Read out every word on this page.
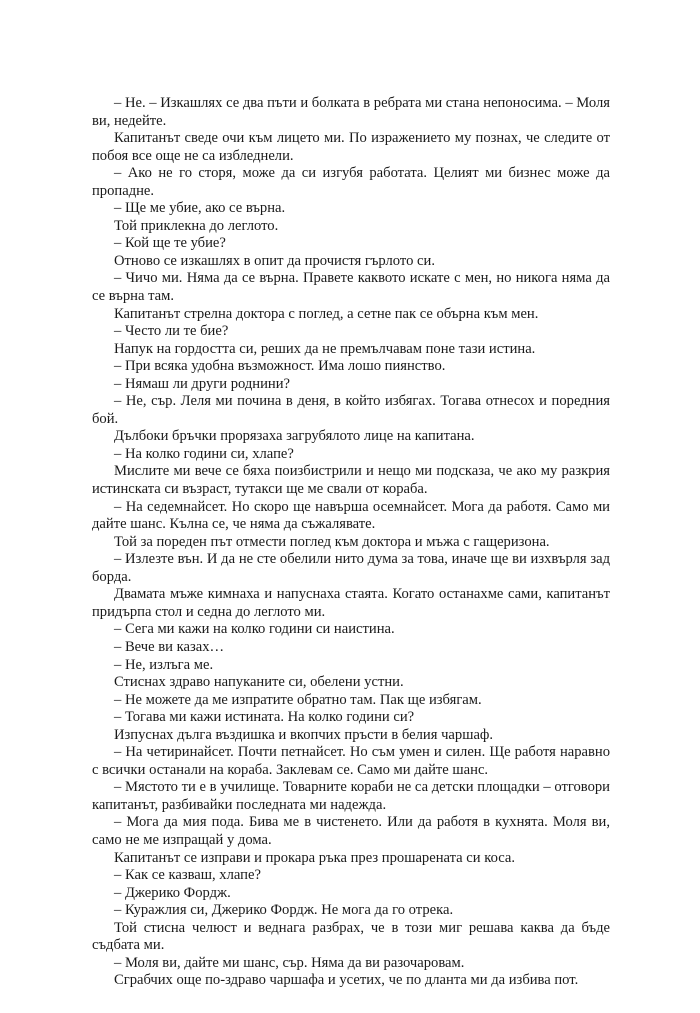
– Не. – Изкашлях се два пъти и болката в ребрата ми стана непоносима. – Моля ви, недейте.

Капитанът сведе очи към лицето ми. По изражението му познах, че следите от побоя все още не са избледнели.

– Ако не го сторя, може да си изгубя работата. Целият ми бизнес може да пропадне.

– Ще ме убие, ако се върна.

Той приклекна до леглото.

– Кой ще те убие?

Отново се изкашлях в опит да прочистя гърлото си.

– Чичо ми. Няма да се върна. Правете каквото искате с мен, но никога няма да се върна там.

Капитанът стрелна доктора с поглед, а сетне пак се обърна към мен.

– Често ли те бие?

Напук на гордостта си, реших да не премълчавам поне тази истина.

– При всяка удобна възможност. Има лошо пиянство.

– Нямаш ли други роднини?

– Не, сър. Леля ми почина в деня, в който избягах. Тогава отнесох и поредния бой.

Дълбоки бръчки прорязаха загрубялото лице на капитана.

– На колко години си, хлапе?

Мислите ми вече се бяха поизбистрили и нещо ми подсказа, че ако му разкрия истинската си възраст, тутакси ще ме свали от кораба.

– На седемнайсет. Но скоро ще навърша осемнайсет. Мога да работя. Само ми дайте шанс. Кълна се, че няма да съжалявате.

Той за пореден път отмести поглед към доктора и мъжа с гащеризона.

– Излезте вън. И да не сте обелили нито дума за това, иначе ще ви изхвърля зад борда.

Двамата мъже кимнаха и напуснаха стаята. Когато останахме сами, капитанът придърпа стол и седна до леглото ми.

– Сега ми кажи на колко години си наистина.

– Вече ви казах…

– Не, излъга ме.

Стиснах здраво напуканите си, обелени устни.

– Не можете да ме изпратите обратно там. Пак ще избягам.

– Тогава ми кажи истината. На колко години си?

Изпуснах дълга въздишка и вкопчих пръсти в белия чаршаф.

– На четиринайсет. Почти петнайсет. Но съм умен и силен. Ще работя наравно с всички останали на кораба. Заклевам се. Само ми дайте шанс.

– Мястото ти е в училище. Товарните кораби не са детски площадки – отговори капитанът, разбивайки последната ми надежда.

– Мога да мия пода. Бива ме в чистенето. Или да работя в кухнята. Моля ви, само не ме изпращай у дома.

Капитанът се изправи и прокара ръка през прошарената си коса.

– Как се казваш, хлапе?

– Джерико Фордж.

– Куражлия си, Джерико Фордж. Не мога да го отрека.

Той стисна челюст и веднага разбрах, че в този миг решава каква да бъде съдбата ми.

– Моля ви, дайте ми шанс, сър. Няма да ви разочаровам.

Сграбчих още по-здраво чаршафа и усетих, че по дланта ми да избива пот.
